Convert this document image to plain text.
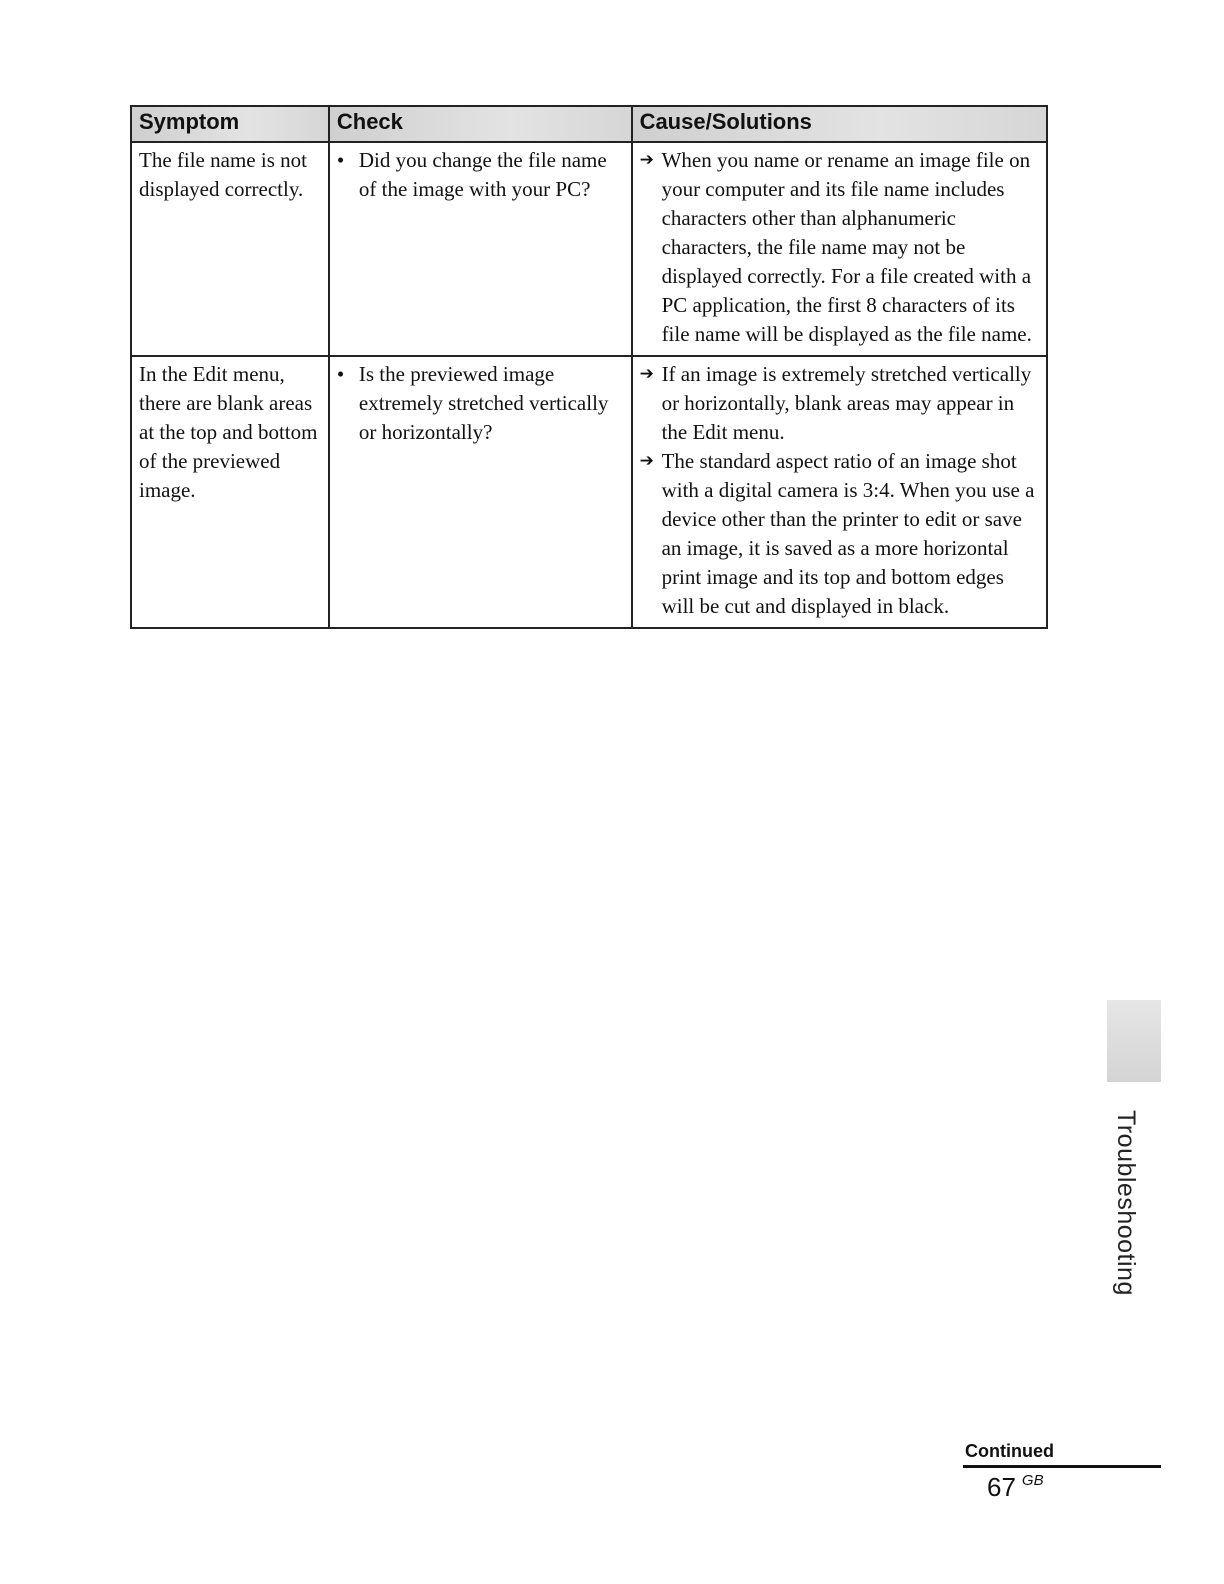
Symptom	Check	Cause/Solutions
The file name is not displayed correctly.	• Did you change the file name of the image with your PC?	➔ When you name or rename an image file on your computer and its file name includes characters other than alphanumeric characters, the file name may not be displayed correctly. For a file created with a PC application, the first 8 characters of its file name will be displayed as the file name.

In the Edit menu, there are blank areas at the top and bottom of the previewed image.	• Is the previewed image extremely stretched vertically or horizontally?	➔ If an image is extremely stretched vertically or horizontally, blank areas may appear in the Edit menu.
➔ The standard aspect ratio of an image shot with a digital camera is 3:4. When you use a device other than the printer to edit or save an image, it is saved as a more horizontal print image and its top and bottom edges will be cut and displayed in black.
Troubleshooting
Continued
67 $^{GB}$
